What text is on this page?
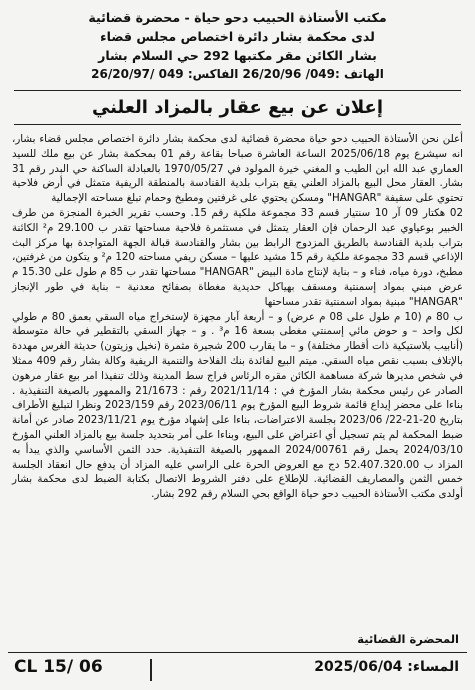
مكتب الأستاذة الحبيب دحو حياة - محضرة قضائية
لدى محكمة بشار دائرة اختصاص مجلس قضاء
بشار الكائن مقر مكتبها 292 حي السلام بشار
الهاتف :049/ 26/20/96 الفاكس: 049 /26/20/97
إعلان عن بيع عقار بالمزاد العلني

أعلن نحن الأستاذة الحبيب دحو حياة محضرة قضائية لدى محكمة بشار دائرة اختصاص مجلس قضاء بشار، انه سيشرع يوم 2025/06/18 الساعة العاشرة صباحا بقاعة رقم 01 بمحكمة بشار عن بيع ملك للسيد العماري عبد الله ابن الطيب و المغني خيرة المولود في 1970/05/27 بالعبادلة الساكنة حي البدر رقم 31 بشار. العقار محل البيع بالمزاد العلني يقع بتراب بلدية القنادسة بالمنطقة الريفية متمثل في أرض فلاحية تحتوي على سقيفة "HANGAR" ومسكن يحتوي على غرفتين ومطبخ وحمام تبلغ مساحته الإجمالية

02 هكتار 09 آر 10 سنتيار قسم 33 مجموعة ملكية رقم 15. وحسب تقرير الخبرة المنجزة من طرف الخبير بوعياوي عبد الرحمان فإن العقار يتمثل في مستثمرة فلاحية مساحتها تقدر ب 29.100 م² الكائنة بتراب بلدية القنادسة بالطريق المزدوج الرابط بين بشار والقنادسة قبالة الجهة المتواجدة بها مركز البث الإذاعي قسم 33 مجموعة ملكية رقم 15 مشيد عليها – مسكن ريفي مساحته 120 م² و يتكون من غرفتين، مطبخ، دورة مياه، فناء و – بناية لإنتاج مادة البيض "HANGAR" مساحتها تقدر ب 85 م طول على 15.30 م عرض مبني بمواد إسمنتية ومسقف بهياكل حديدية مغطاة بصفائح معدنية – بناية في طور الإنجاز "HANGAR" مبنية بمواد اسمنتية تقدر مساحتها

ب 80 م (10 م طول على 08 م عرض) و – أربعة آبار مجهزة لإستخراج مياه السقي بعمق 80 م طولي لكل واحد – و حوض مائي إسمنتي مغطى بسعة 16 م³ . و – جهاز السقي بالتقطير في حالة متوسطة (أنابيب بلاستيكية ذات أقطار مختلفة) و – ما يقارب 200 شجيرة مثمرة (نخيل وزيتون) حديثة الغرس مهددة بالإتلاف بسبب نقص مياه السقي. ميتم البيع لفائدة بنك الفلاحة والتنمية الريفية وكالة بشار رقم 409 ممثلا في شخص مديرها شركة مساهمة الكائن مقره الرئاس فراج سط المدينة وذلك تنفيذا امر بيع عقار مرهون الصادر عن رئيس محكمة بشار المؤرخ في : 2021/11/14 رقم : 21/1673 والممهور بالصيغة التنفيذية . بناءا على محضر إيداع قائمة شروط البيع المؤرخ يوم 2023/06/11 رقم 2023/159 ونظرا لتبليغ الأطراف بتاريخ 20-21-22/ 2023/06 بجلسة الاعتراضات، بناءا على إشهاد مؤرخ يوم 2023/11/21 صادر عن أمانة ضبط المحكمة لم يتم تسجيل أي اعتراض على البيع، وبناءا على أمر بتحديد جلسة بيع بالمزاد العلني المؤرخ 2024/03/10 يحمل رقم 2024/00761 الممهور بالصيغة التنفيذية. حدد الثمن الأساسي والذي يبدأ به المزاد ب 52.407.320.00 دج مع العروض الحرة على الراسي عليه المزاد أن يدفع حال انعقاد الجلسة خمس الثمن والمصاريف القضائية. للإطلاع على دفتر الشروط الاتصال بكتابة الضبط لدى محكمة بشار أولدى مكتب الأستاذة الحبيب دحو حياة الواقع بحي السلام رقم 292 بشار.

المحضرة القضائية
CL 15/ 06	المساء: 2025/06/04
